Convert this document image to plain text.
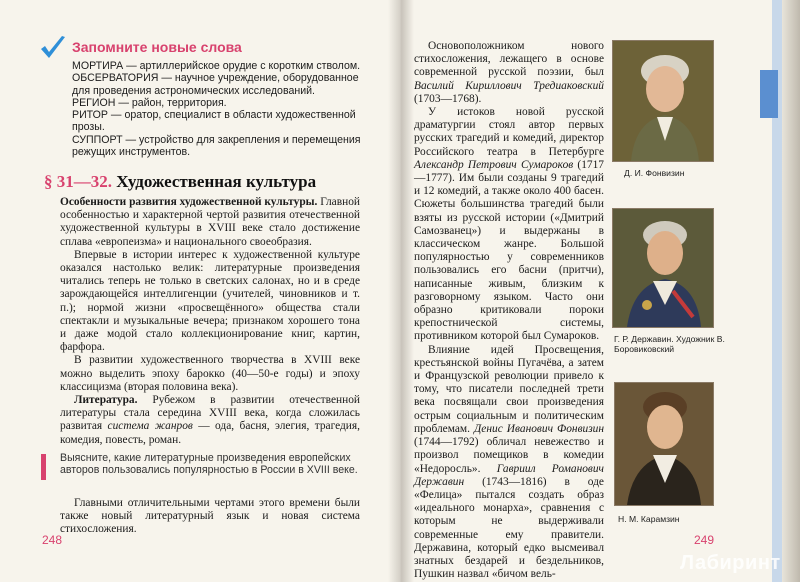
Запомните новые слова
МОРТИРА — артиллерийское орудие с коротким стволом.
ОБСЕРВАТОРИЯ — научное учреждение, оборудованное для проведения астрономических исследований.
РЕГИОН — район, территория.
РИТОР — оратор, специалист в области художественной прозы.
СУППОРТ — устройство для закрепления и перемещения режущих инструментов.
§ 31—32. Художественная культура

Особенности развития художественной культуры. Главной особенностью и характерной чертой развития отечественной художественной культуры в XVIII веке стало достижение сплава «европеизма» и национального своеобразия.

Впервые в истории интерес к художественной культуре оказался настолько велик: литературные произведения читались теперь не только в светских салонах, но и в среде зарождающейся интеллигенции (учителей, чиновников и т. п.); нормой жизни «просвещённого» общества стали спектакли и музыкальные вечера; признаком хорошего тона и даже модой стало коллекционирование книг, картин, фарфора.

В развитии художественного творчества в XVIII веке можно выделить эпоху барокко (40—50-е годы) и эпоху классицизма (вторая половина века).

Литература. Рубежом в развитии отечественной литературы стала середина XVIII века, когда сложилась развитая система жанров — ода, басня, элегия, трагедия, комедия, повесть, роман.

Выясните, какие литературные произведения европейских авторов пользовались популярностью в России в XVIII веке.

Главными отличительными чертами этого времени были также новый литературный язык и новая система стихосложения.

248

Основоположником нового стихосложения, лежащего в основе современной русской поэзии, был Василий Кириллович Тредиаковский (1703—1768).

У истоков новой русской драматургии стоял автор первых русских трагедий и комедий, директор Российского театра в Петербурге Александр Петрович Сумароков (1717—1777). Им были созданы 9 трагедий и 12 комедий, а также около 400 басен. Сюжеты большинства трагедий были взяты из русской истории («Дмитрий Самозванец») и выдержаны в классическом жанре. Большой популярностью у современников пользовались его басни (притчи), написанные живым, близким к разговорному языком. Часто они образно критиковали пороки крепостнической системы, противником которой был Сумароков.

Влияние идей Просвещения, крестьянской войны Пугачёва, а затем и Французской революции привело к тому, что писатели последней трети века посвящали свои произведения острым социальным и политическим проблемам. Денис Иванович Фонвизин (1744—1792) обличал невежество и произвол помещиков в комедии «Недоросль». Гавриил Романович Державин (1743—1816) в оде «Фелица» пытался создать образ «идеального монарха», сравнения с которым не выдерживали современные ему правители. Державина, который едко высмеивал знатных бездарей и бездельников, Пушкин назвал «бичом вель-

Д. И. Фонвизин
Г. Р. Державин. Художник В. Боровиковский
Н. М. Карамзин
249
Лабиринт
